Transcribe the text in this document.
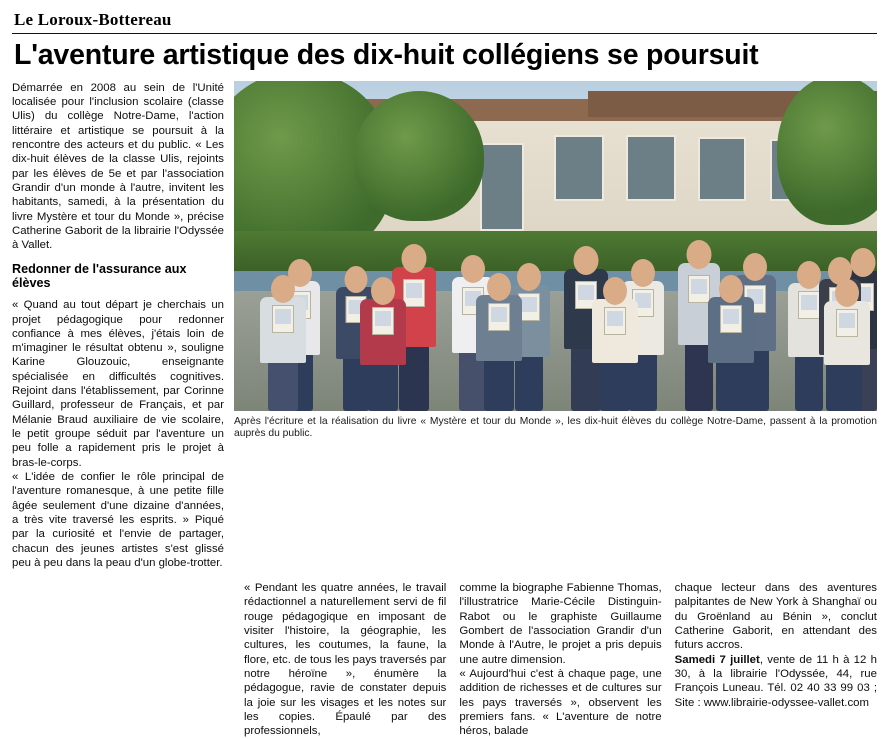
Le Loroux-Bottereau
L'aventure artistique des dix-huit collégiens se poursuit

Démarrée en 2008 au sein de l'Unité localisée pour l'inclusion scolaire (classe Ulis) du collège Notre-Dame, l'action littéraire et artistique se poursuit à la rencontre des acteurs et du public. « Les dix-huit élèves de la classe Ulis, rejoints par les élèves de 5e et par l'association Grandir d'un monde à l'autre, invitent les habitants, samedi, à la présentation du livre Mystère et tour du Monde », précise Catherine Gaborit de la librairie l'Odyssée à Vallet.

Redonner de l'assurance aux élèves

« Quand au tout départ je cherchais un projet pédagogique pour redonner confiance à mes élèves, j'étais loin de m'imaginer le résultat obtenu », souligne Karine Glouzouic, enseignante spécialisée en difficultés cognitives. Rejoint dans l'établissement, par Corinne Guillard, professeur de Français, et par Mélanie Braud auxiliaire de vie scolaire, le petit groupe séduit par l'aventure un peu folle a rapidement pris le projet à bras-le-corps.

« L'idée de confier le rôle principal de l'aventure romanesque, à une petite fille âgée seulement d'une dizaine d'années, a très vite traversé les esprits. » Piqué par la curiosité et l'envie de partager, chacun des jeunes artistes s'est glissé peu à peu dans la peau d'un globe-trotter.

Après l'écriture et la réalisation du livre « Mystère et tour du Monde », les dix-huit élèves du collège Notre-Dame, passent à la promotion auprès du public.

« Pendant les quatre années, le travail rédactionnel a naturellement servi de fil rouge pédagogique en imposant de visiter l'histoire, la géographie, les cultures, les coutumes, la faune, la flore, etc. de tous les pays traversés par notre héroïne », énumère la pédagogue, ravie de constater depuis la joie sur les visages et les notes sur les copies. Épaulé par des professionnels,

comme la biographe Fabienne Thomas, l'illustratrice Marie-Cécile Distinguin-Rabot ou le graphiste Guillaume Gombert de l'association Grandir d'un Monde à l'Autre, le projet a pris depuis une autre dimension.

« Aujourd'hui c'est à chaque page, une addition de richesses et de cultures sur les pays traversés », observent les premiers fans. « L'aventure de notre héros, balade

chaque lecteur dans des aventures palpitantes de New York à Shanghaï ou du Groënland au Bénin », conclut Catherine Gaborit, en attendant des futurs accros.

Samedi 7 juillet, vente de 11 h à 12 h 30, à la librairie l'Odyssée, 44, rue François Luneau. Tél. 02 40 33 99 03 ; Site : www.librairie-odyssee-vallet.com
